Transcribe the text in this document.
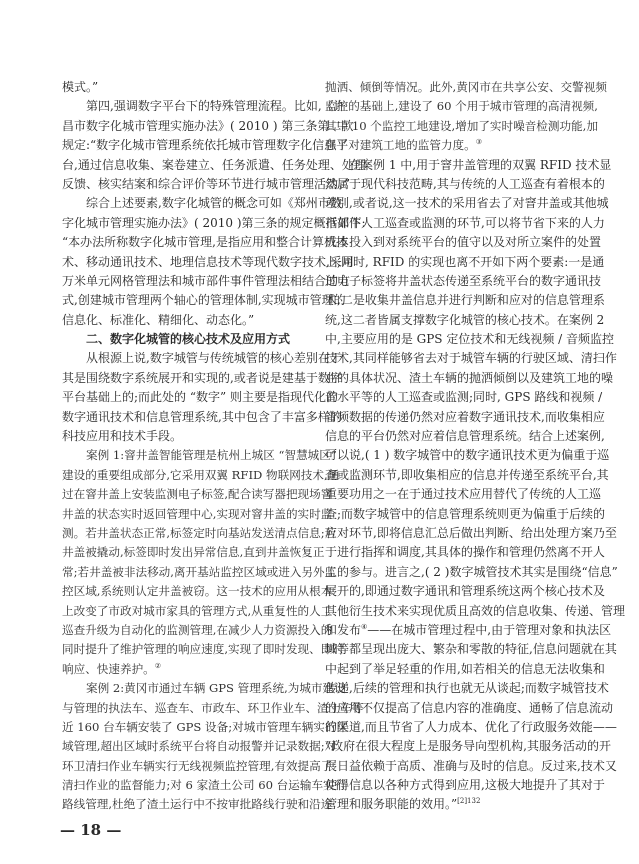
模式。”
第四,强调数字平台下的特殊管理流程。比如,《许
昌市数字化城市管理实施办法》( 2010 ) 第三条第二款
规定:“数字化城市管理系统依托城市管理数字化信息平
台,通过信息收集、案卷建立、任务派遣、任务处理、处理
反馈、核实结案和综合评价等环节进行城市管理活动。”
综合上述要素,数字化城管的概念可如《郑州市数
字化城市管理实施办法》( 2010 )第三条的规定概括如下:
“本办法所称数字化城市管理,是指应用和整合计算机技
术、移动通讯技术、地理信息技术等现代数字技术,采用
万米单元网格管理法和城市部件事件管理法相结合的方
式,创建城市管理两个轴心的管理体制,实现城市管理的
信息化、标准化、精细化、动态化。”
二、数字化城管的核心技术及应用方式
从根源上说,数字城管与传统城管的核心差别在于
其是围绕数字系统展开和实现的,或者说是建基于数字
平台基础上的;而此处的 “数字” 则主要是指现代化的
数字通讯技术和信息管理系统,其中包含了丰富多样的
科技应用和技术手段。
案例 1:窨井盖智能管理是杭州上城区 “智慧城区”
建设的重要组成部分,它采用双翼 RFID 物联网技术,通
过在窨井盖上安装监测电子标签,配合读写器把现场窨
井盖的状态实时返回管理中心,实现对窨井盖的实时监
测。若井盖状态正常,标签定时向基站发送清点信息;若
井盖被撬动,标签即时发出异常信息,直到井盖恢复正
常;若井盖被非法移动,离开基站监控区域或进入另外监
控区域,系统则认定井盖被窃。这一技术的应用从根本
上改变了市政对城市家具的管理方式,从重复性的人工
巡查升级为自动化的监测管理,在减少人力资源投入的
同时提升了维护管理的响应速度,实现了即时发现、即时
响应、快速养护。②
案例 2:黄冈市通过车辆 GPS 管理系统,为城市建设
与管理的执法车、巡查车、市政车、环卫作业车、渣土车等
近 160 台车辆安装了 GPS 设备;对城市管理车辆实行区
域管理,超出区域时系统平台将自动报警并记录数据;对
环卫清扫作业车辆实行无线视频监控管理,有效提高了
清扫作业的监督能力;对 6 家渣土公司 60 台运输车实行
路线管理,杜绝了渣土运行中不按审批路线行驶和沿途
抛洒、倾倒等情况。此外,黄冈市在共享公安、交警视频
监控的基础上,建设了 60 个用于城市管理的高清视频,
其中 10 个监控工地建设,增加了实时噪音检测功能,加
强了对建筑工地的监管力度。③
在案例 1 中,用于窨井盖管理的双翼 RFID 技术显
然属于现代科技范畴,其与传统的人工巡查有着根本的
差别,或者说,这一技术的采用省去了对窨井盖或其他城
市部件人工巡查或监测的环节,可以将节省下来的人力
成本投入到对系统平台的值守以及对所立案件的处置
上;同时, RFID 的实现也离不开如下两个要素:一是通
过电子标签将井盖状态传递至系统平台的数字通讯技
术,二是收集井盖信息并进行判断和应对的信息管理系
统,这二者皆属支撑数字化城管的核心技术。在案例 2
中,主要应用的是 GPS 定位技术和无线视频 / 音频监控
技术,其同样能够省去对于城管车辆的行驶区域、清扫作
业的具体状况、渣土车辆的抛洒倾倒以及建筑工地的噪
音水平等的人工巡查或监测;同时, GPS 路线和视频 /
音频数据的传递仍然对应着数字通讯技术,而收集相应
信息的平台仍然对应着信息管理系统。结合上述案例,
可以说,( 1 ) 数字城管中的数字通讯技术更为偏重于巡
查或监测环节,即收集相应的信息并传递至系统平台,其
重要功用之一在于通过技术应用替代了传统的人工巡
查;而数字城管中的信息管理系统则更为偏重于后续的
应对环节,即将信息汇总后做出判断、给出处理方案乃至
于进行指挥和调度,其具体的操作和管理仍然离不开人
工的参与。进言之,( 2 )数字城管技术其实是围绕“信息”
展开的,即通过数字通讯和管理系统这两个核心技术及
其他衍生技术来实现优质且高效的信息收集、传递、管理
和发布④——在城市管理过程中,由于管理对象和执法区
域等都呈现出庞大、繁杂和零散的特征,信息问题就在其
中起到了举足轻重的作用,如若相关的信息无法收集和
传递,后续的管理和执行也就无从谈起;而数字城管技术
的应用不仅提高了信息内容的准确度、通畅了信息流动
的渠道,而且节省了人力成本、优化了行政服务效能——
“政府在很大程度上是服务导向型机构,其服务活动的开
展日益依赖于高质、准确与及时的信息。反过来,技术又
使得信息以各种方式得到应用,这极大地提升了其对于
管理和服务职能的效用。”$^{[2]132}$
— 18 —
